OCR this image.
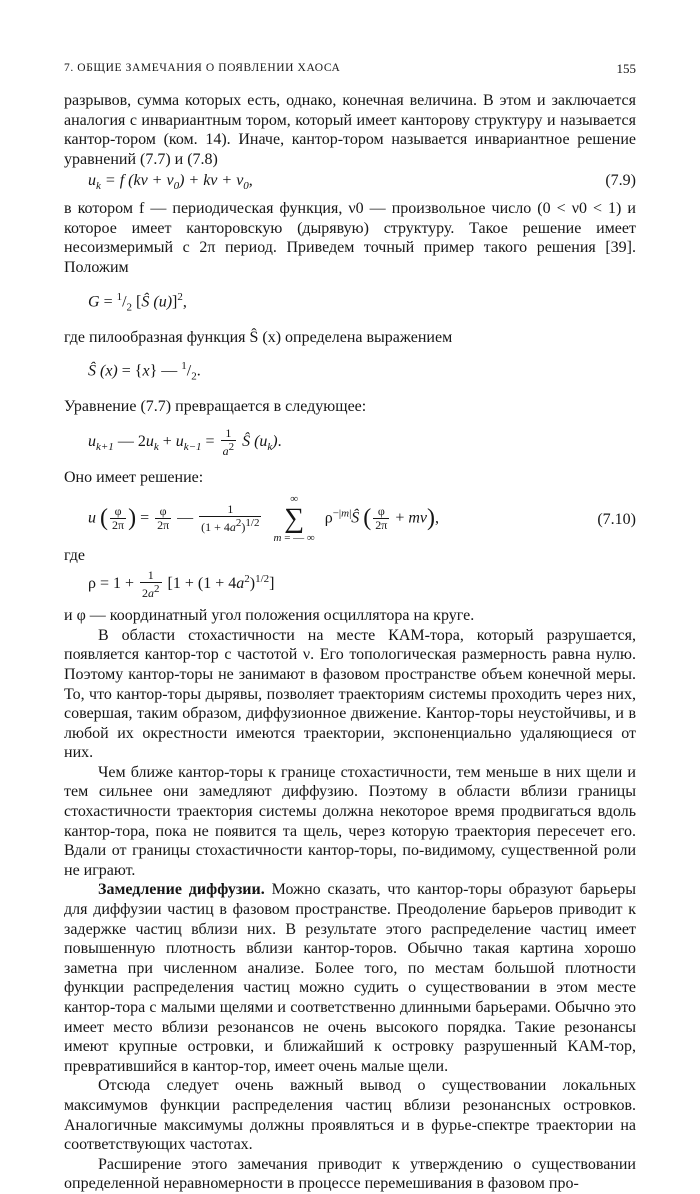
7. ОБЩИЕ ЗАМЕЧАНИЯ О ПОЯВЛЕНИИ ХАОСА	155

разрывов, сумма которых есть, однако, конечная величина. В этом и заключается аналогия с инвариантным тором, который имеет канторову структуру и называется кантор-тором (ком. 14). Иначе, кантор-тором называется инвариантное решение уравнений (7.7) и (7.8)

$u_k = f$ $(k\nu + \nu_0) + k\nu + \nu_0$,	(7.9)

в котором f — периодическая функция, ν0 — произвольное число (0 < ν0 < 1) и которое имеет канторовскую (дырявую) структуру. Такое решение имеет несоизмеримый с 2π период. Приведем точный пример такого решения [39]. Положим

$G = ^1/_2$ [Ŝ (u)]$^2$,

где пилообразная функция Ŝ (x) определена выражением

Ŝ (x) = {x} — $^1/_2$.

Уравнение (7.7) превращается в следующее:

$u_{k+1}$ — $2u_k + u_{k-1} = \frac{1}{a^2}$ Ŝ $(u_k)$.

Оно имеет решение:

u ( $\frac{\varphi}{2\pi}$ ) = $\frac{\varphi}{2\pi}$ — $\frac{1}{(1 + 4a^2)^{1/2}}$
∞
∑
m = — ∞ $\rho^{-|m|}Ŝ$ ( $\frac{\varphi}{2\pi} + m\nu$),	(7.10)

где

$\rho = 1 + \frac{1}{2a^2} [1 + (1 + 4a^2)^{1/2}]$

и φ — координатный угол положения осциллятора на круге.

В области стохастичности на месте КАМ-тора, который разрушается, появляется кантор-тор с частотой ν. Его топологическая размерность равна нулю. Поэтому кантор-торы не занимают в фазовом пространстве объем конечной меры. То, что кантор-торы дырявы, позволяет траекториям системы проходить через них, совершая, таким образом, диффузионное движение. Кантор-торы неустойчивы, и в любой их окрестности имеются траектории, экспоненциально удаляющиеся от них.

Чем ближе кантор-торы к границе стохастичности, тем меньше в них щели и тем сильнее они замедляют диффузию. Поэтому в области вблизи границы стохастичности траектория системы должна некоторое время продвигаться вдоль кантор-тора, пока не появится та щель, через которую траектория пересечет его. Вдали от границы стохастичности кантор-торы, по-видимому, существенной роли не играют.

Замедление диффузии. Можно сказать, что кантор-торы образуют барьеры для диффузии частиц в фазовом пространстве. Преодоление барьеров приводит к задержке частиц вблизи них. В результате этого распределение частиц имеет повышенную плотность вблизи кантор-торов. Обычно такая картина хорошо заметна при численном анализе. Более того, по местам большой плотности функции распределения частиц можно судить о существовании в этом месте кантор-тора с малыми щелями и соответственно длинными барьерами. Обычно это имеет место вблизи резонансов не очень высокого порядка. Такие резонансы имеют крупные островки, и ближайший к островку разрушенный КАМ-тор, превратившийся в кантор-тор, имеет очень малые щели.

Отсюда следует очень важный вывод о существовании локальных максимумов функции распределения частиц вблизи резонансных островков. Аналогичные максимумы должны проявляться и в фурье-спектре траектории на соответствующих частотах.

Расширение этого замечания приводит к утверждению о существовании определенной неравномерности в процессе перемешивания в фазовом про-
